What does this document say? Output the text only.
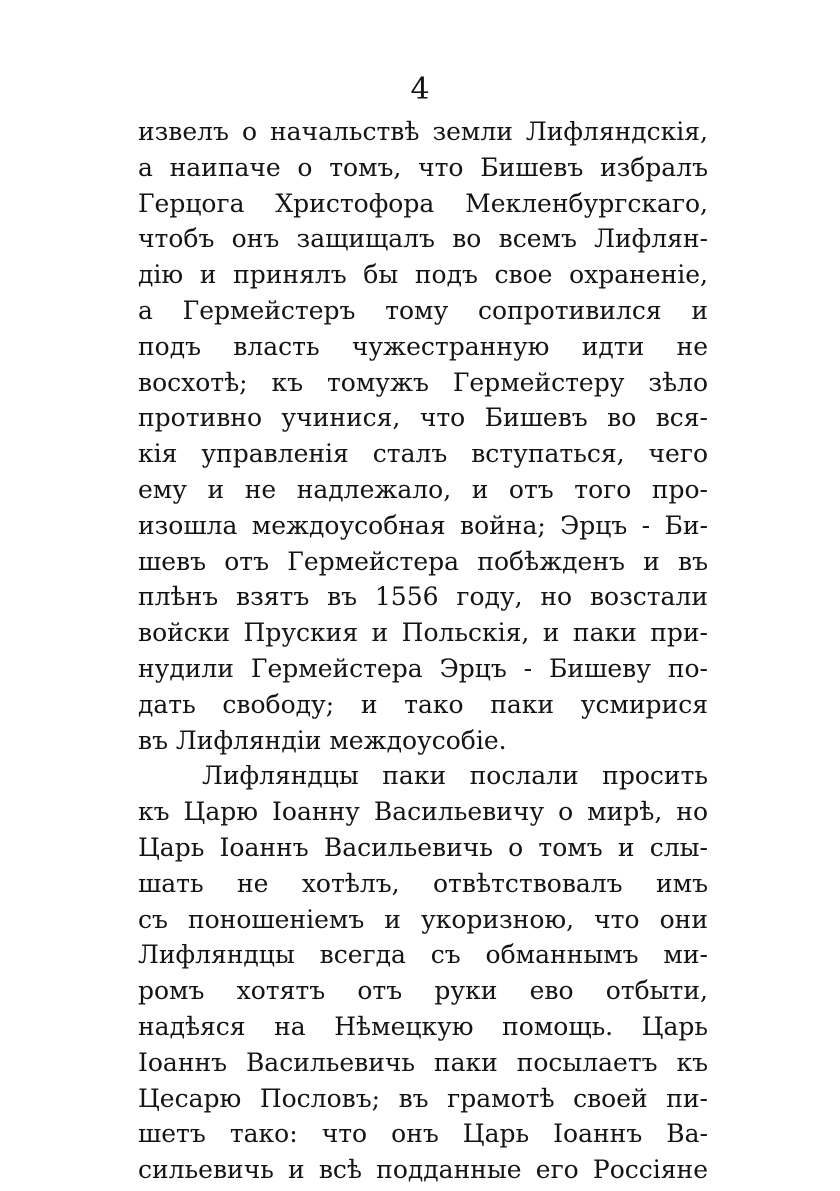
4
извелъ о начальствѣ земли Лифляндскія,
а наипаче о томъ, что Бишевъ избралъ
Герцога Христофора Мекленбургскаго,
чтобъ онъ защищалъ во всемъ Лифлян-
дію и принялъ бы подъ свое охраненіе,
а Гермейстеръ тому сопротивился и
подъ власть чужестранную идти не
восхотѣ; къ томужъ Гермейстеру зѣло
противно учинися, что Бишевъ во вся-
кія управленія сталъ вступаться, чего
ему и не надлежало, и отъ того про-
изошла междоусобная война; Эрцъ - Би-
шевъ отъ Гермейстера побѣжденъ и въ
плѣнъ взятъ въ 1556 году, но возстали
войски Пруския и Польскія, и паки при-
нудили Гермейстера Эрцъ - Бишеву по-
дать свободу; и тако паки усмирися
въ Лифляндіи междоусобіе.
Лифляндцы паки послали просить
къ Царю Іоанну Васильевичу о мирѣ, но
Царь Іоаннъ Васильевичь о томъ и слы-
шать не хотѣлъ, отвѣтствовалъ имъ
съ поношеніемъ и укоризною, что они
Лифляндцы всегда съ обманнымъ ми-
ромъ хотятъ отъ руки ево отбыти,
надѣяся на Нѣмецкую помощь. Царь
Іоаннъ Васильевичь паки посылаетъ къ
Цесарю Пословъ; въ грамотѣ своей пи-
шетъ тако: что онъ Царь Іоаннъ Ва-
сильевичь и всѣ подданные его Россіяне
